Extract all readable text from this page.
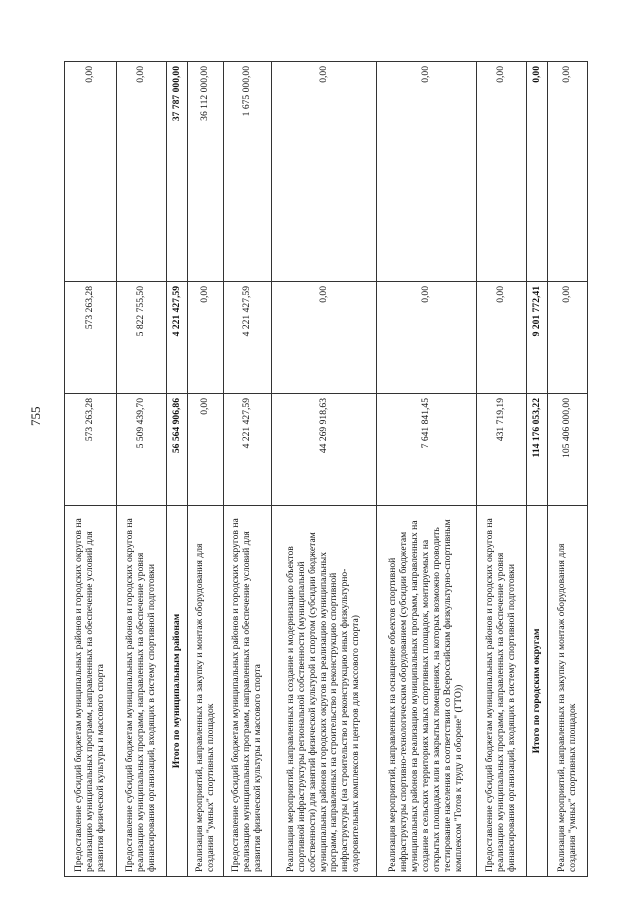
755
Предоставление субсидий бюджетам муниципальных районов и городских округов на реализацию муниципальных программ, направленных на обеспечение условий для развития физической культуры и массового спорта	573 263,28	573 263,28	0,00
Предоставление субсидий бюджетам муниципальных районов и городских округов на реализацию муниципальных программ, направленных на обеспечение уровня финансирования организаций, входящих в систему спортивной подготовки	5 509 439,70	5 822 755,50	0,00
Итого по муниципальным районам	56 564 906,86	4 221 427,59	37 787 000,00
Реализация мероприятий, направленных на закупку и монтаж оборудования для создания "умных" спортивных площадок	0,00	0,00	36 112 000,00
Предоставление субсидий бюджетам муниципальных районов и городских округов на реализацию муниципальных программ, направленных на обеспечение условий для развития физической культуры и массового спорта	4 221 427,59	4 221 427,59	1 675 000,00
Реализация мероприятий, направленных на создание и модернизацию объектов спортивной инфраструктуры региональной собственности (муниципальной собственности) для занятий физической культурой и спортом (субсидии бюджетам муниципальных районов и городских округов на реализацию муниципальных программ, направленных на строительство и реконструкцию спортивной инфраструктуры (на строительство и реконструкцию иных физкультурно-оздоровительных комплексов и центров для массового спорта)	44 269 918,63	0,00	0,00
Реализация мероприятий, направленных на оснащение объектов спортивной инфраструктуры спортивно-технологическим оборудованием (субсидии бюджетам муниципальных районов на реализацию муниципальных программ, направленных на создание в сельских территориях малых спортивных площадок, монтируемых на открытых площадках или в закрытых помещениях, на которых возможно проводить тестирование населения в соответствии со Всероссийским физкультурно-спортивным комплексом "Готов к труду и обороне" (ГТО))	7 641 841,45	0,00	0,00
Предоставление субсидий бюджетам муниципальных районов и городских округов на реализацию муниципальных программ, направленных на обеспечение уровня финансирования организаций, входящих в систему спортивной подготовки	431 719,19	0,00	0,00
Итого по городским округам	114 176 053,22	9 201 772,41	0,00
Реализация мероприятий, направленных на закупку и монтаж оборудования для создания "умных" спортивных площадок	105 406 000,00	0,00	0,00
